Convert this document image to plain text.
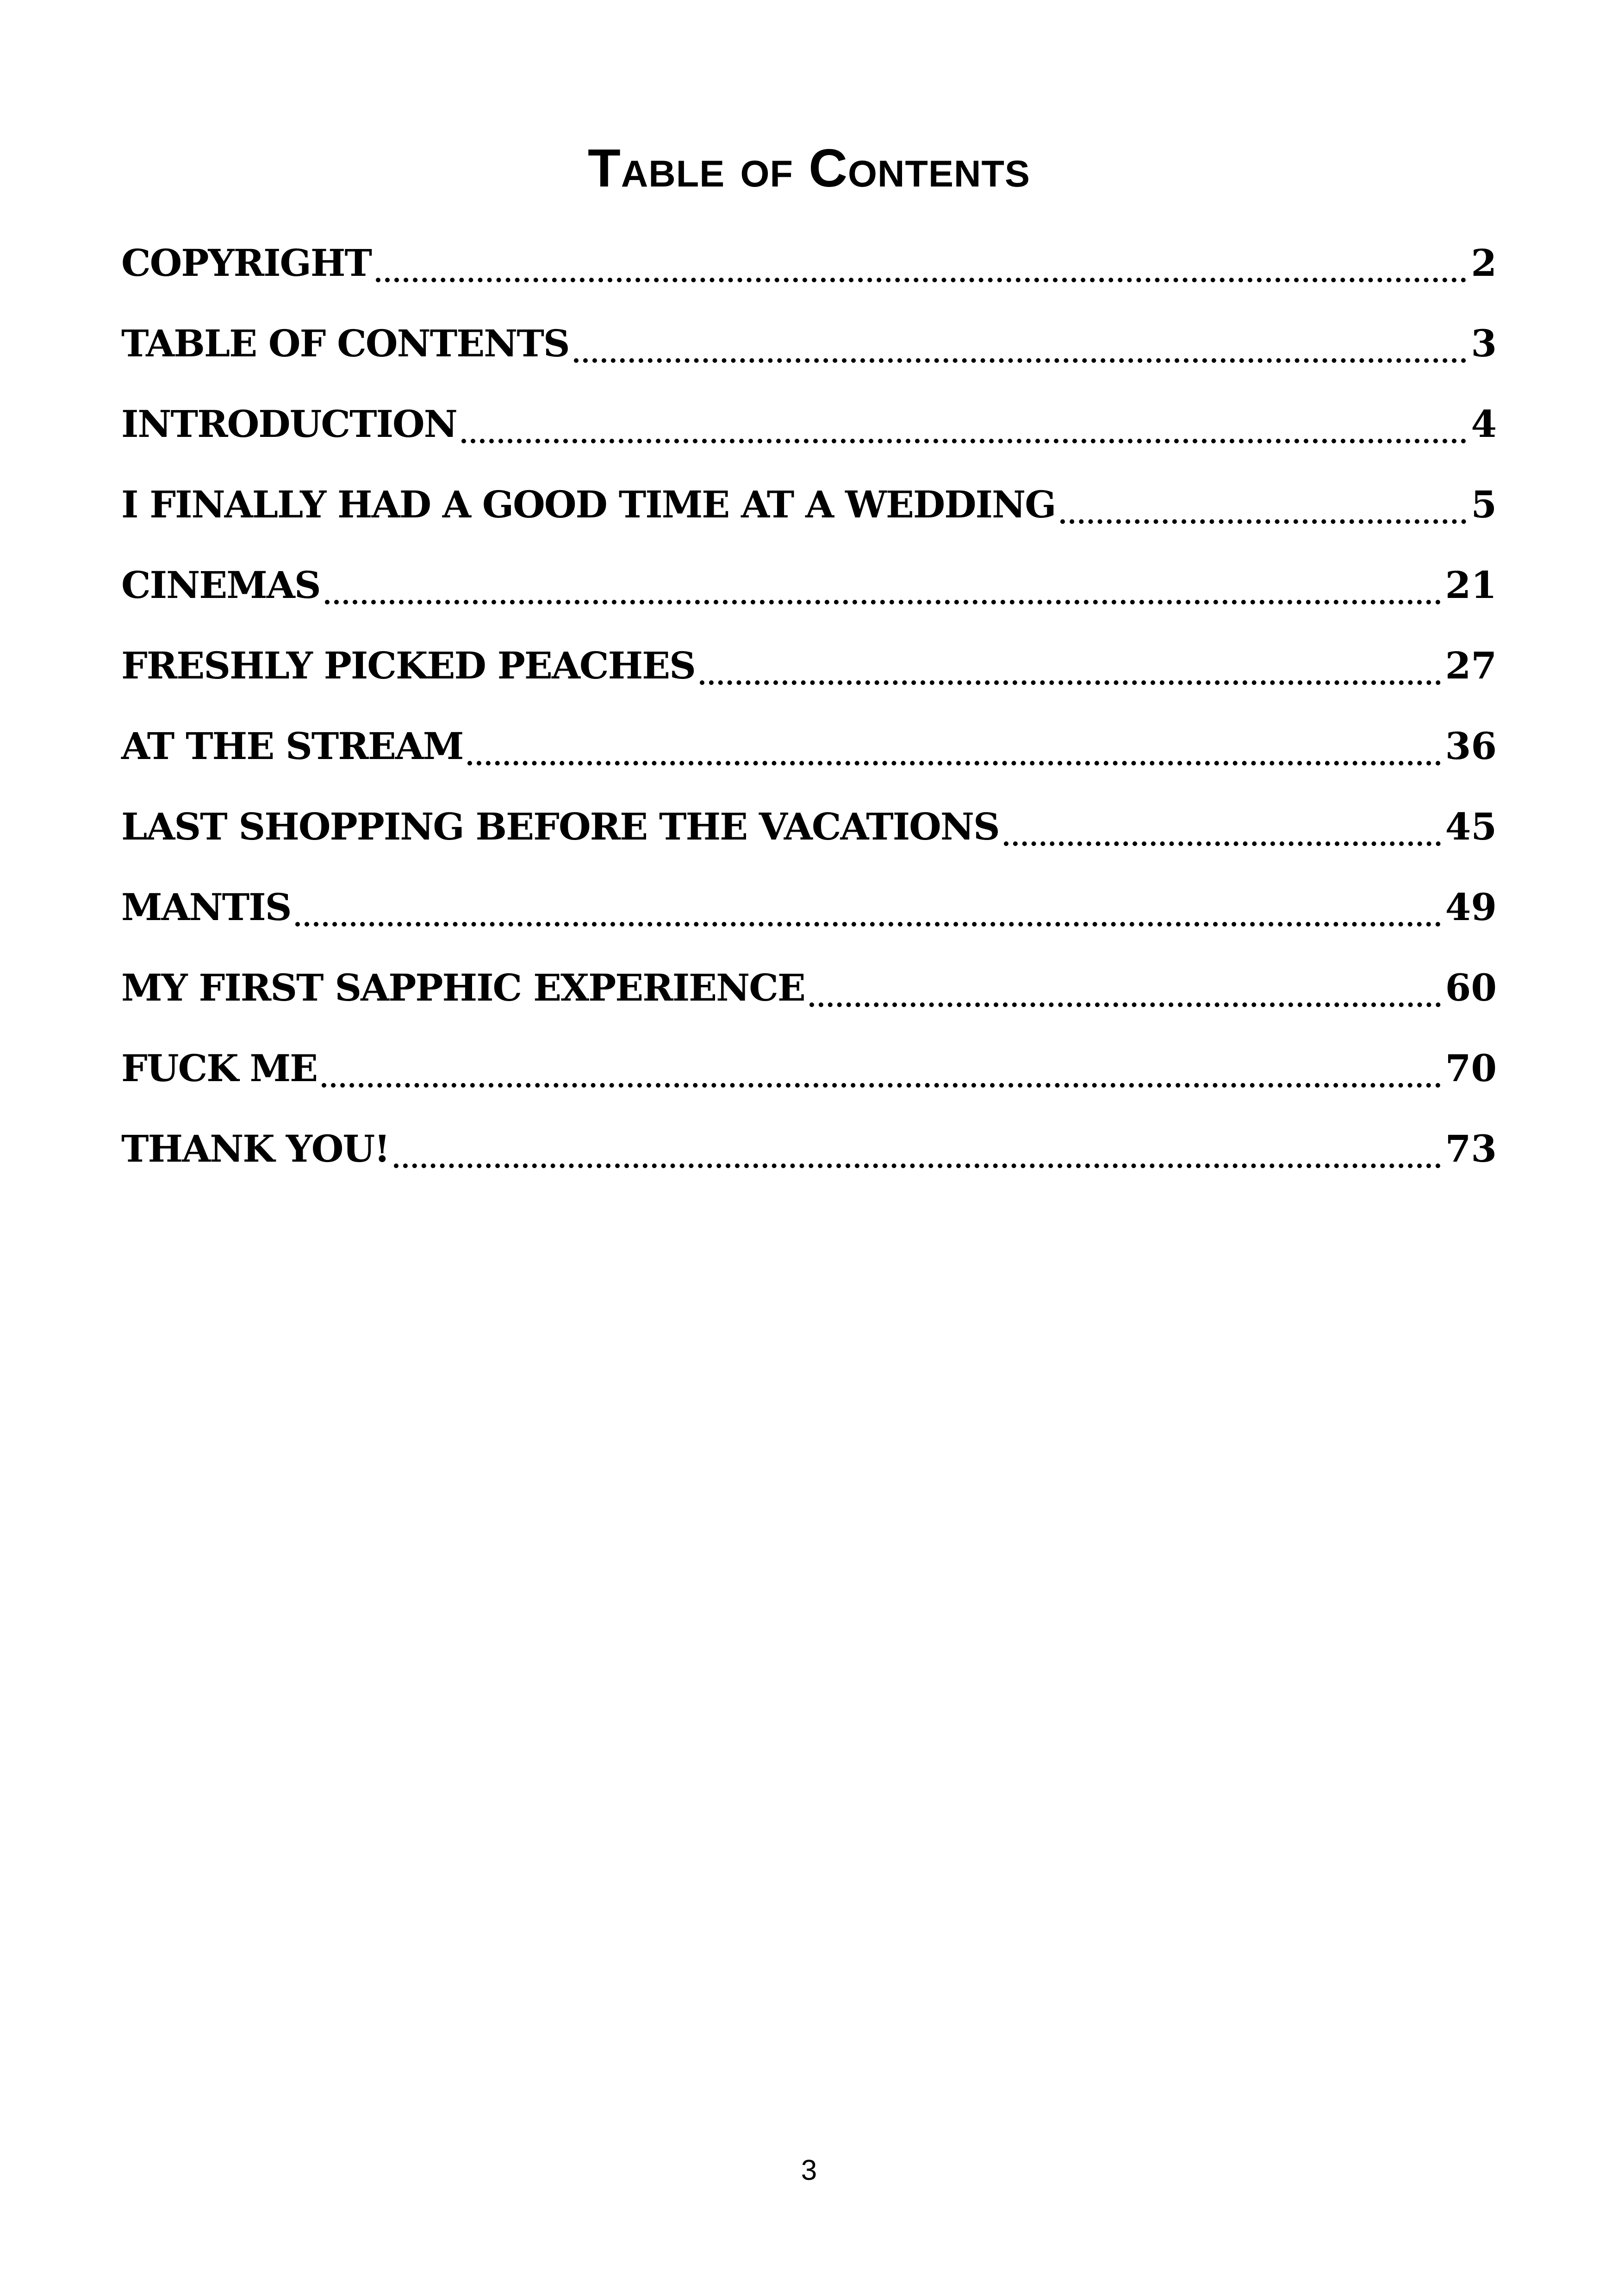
Table of Contents
COPYRIGHT	2
TABLE OF CONTENTS	3
INTRODUCTION	4
I FINALLY HAD A GOOD TIME AT A WEDDING	5
CINEMAS	21
FRESHLY PICKED PEACHES	27
AT THE STREAM	36
LAST SHOPPING BEFORE THE VACATIONS	45
MANTIS	49
MY FIRST SAPPHIC EXPERIENCE	60
FUCK ME	70
THANK YOU!	73
3
